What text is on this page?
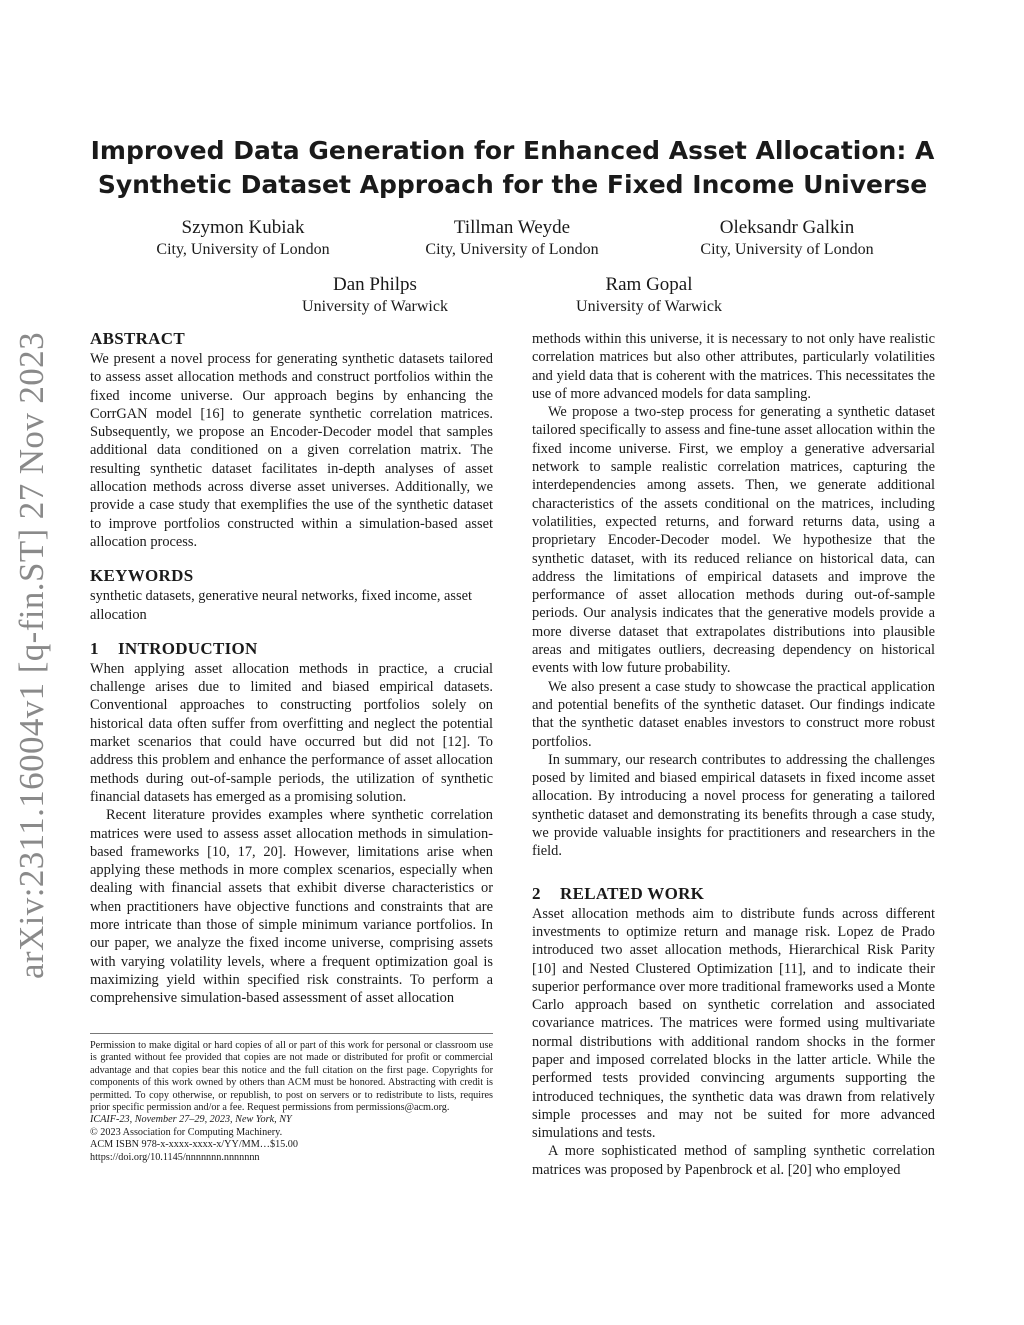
arXiv:2311.16004v1 [q-fin.ST] 27 Nov 2023
Improved Data Generation for Enhanced Asset Allocation: A Synthetic Dataset Approach for the Fixed Income Universe
Szymon Kubiak
City, University of London
Tillman Weyde
City, University of London
Oleksandr Galkin
City, University of London
Dan Philps
University of Warwick
Ram Gopal
University of Warwick
ABSTRACT

We present a novel process for generating synthetic datasets tailored to assess asset allocation methods and construct portfolios within the fixed income universe. Our approach begins by enhancing the CorrGAN model [16] to generate synthetic correlation matrices. Subsequently, we propose an Encoder-Decoder model that samples additional data conditioned on a given correlation matrix. The resulting synthetic dataset facilitates in-depth analyses of asset allocation methods across diverse asset universes. Additionally, we provide a case study that exemplifies the use of the synthetic dataset to improve portfolios constructed within a simulation-based asset allocation process.

KEYWORDS

synthetic datasets, generative neural networks, fixed income, asset allocation

1 INTRODUCTION

When applying asset allocation methods in practice, a crucial challenge arises due to limited and biased empirical datasets. Conventional approaches to constructing portfolios solely on historical data often suffer from overfitting and neglect the potential market scenarios that could have occurred but did not [12]. To address this problem and enhance the performance of asset allocation methods during out-of-sample periods, the utilization of synthetic financial datasets has emerged as a promising solution.

Recent literature provides examples where synthetic correlation matrices were used to assess asset allocation methods in simulation-based frameworks [10, 17, 20]. However, limitations arise when applying these methods in more complex scenarios, especially when dealing with financial assets that exhibit diverse characteristics or when practitioners have objective functions and constraints that are more intricate than those of simple minimum variance portfolios. In our paper, we analyze the fixed income universe, comprising assets with varying volatility levels, where a frequent optimization goal is maximizing yield within specified risk constraints. To perform a comprehensive simulation-based assessment of asset allocation

Permission to make digital or hard copies of all or part of this work for personal or classroom use is granted without fee provided that copies are not made or distributed for profit or commercial advantage and that copies bear this notice and the full citation on the first page. Copyrights for components of this work owned by others than ACM must be honored. Abstracting with credit is permitted. To copy otherwise, or republish, to post on servers or to redistribute to lists, requires prior specific permission and/or a fee. Request permissions from permissions@acm.org.

ICAIF-23, November 27–29, 2023, New York, NY

© 2023 Association for Computing Machinery.

ACM ISBN 978-x-xxxx-xxxx-x/YY/MM…$15.00

https://doi.org/10.1145/nnnnnnn.nnnnnnn

methods within this universe, it is necessary to not only have realistic correlation matrices but also other attributes, particularly volatilities and yield data that is coherent with the matrices. This necessitates the use of more advanced models for data sampling.

We propose a two-step process for generating a synthetic dataset tailored specifically to assess and fine-tune asset allocation within the fixed income universe. First, we employ a generative adversarial network to sample realistic correlation matrices, capturing the interdependencies among assets. Then, we generate additional characteristics of the assets conditional on the matrices, including volatilities, expected returns, and forward returns data, using a proprietary Encoder-Decoder model. We hypothesize that the synthetic dataset, with its reduced reliance on historical data, can address the limitations of empirical datasets and improve the performance of asset allocation methods during out-of-sample periods. Our analysis indicates that the generative models provide a more diverse dataset that extrapolates distributions into plausible areas and mitigates outliers, decreasing dependency on historical events with low future probability.

We also present a case study to showcase the practical application and potential benefits of the synthetic dataset. Our findings indicate that the synthetic dataset enables investors to construct more robust portfolios.

In summary, our research contributes to addressing the challenges posed by limited and biased empirical datasets in fixed income asset allocation. By introducing a novel process for generating a tailored synthetic dataset and demonstrating its benefits through a case study, we provide valuable insights for practitioners and researchers in the field.

2 RELATED WORK

Asset allocation methods aim to distribute funds across different investments to optimize return and manage risk. Lopez de Prado introduced two asset allocation methods, Hierarchical Risk Parity [10] and Nested Clustered Optimization [11], and to indicate their superior performance over more traditional frameworks used a Monte Carlo approach based on synthetic correlation and associated covariance matrices. The matrices were formed using multivariate normal distributions with additional random shocks in the former paper and imposed correlated blocks in the latter article. While the performed tests provided convincing arguments supporting the introduced techniques, the synthetic data was drawn from relatively simple processes and may not be suited for more advanced simulations and tests.

A more sophisticated method of sampling synthetic correlation matrices was proposed by Papenbrock et al. [20] who employed
